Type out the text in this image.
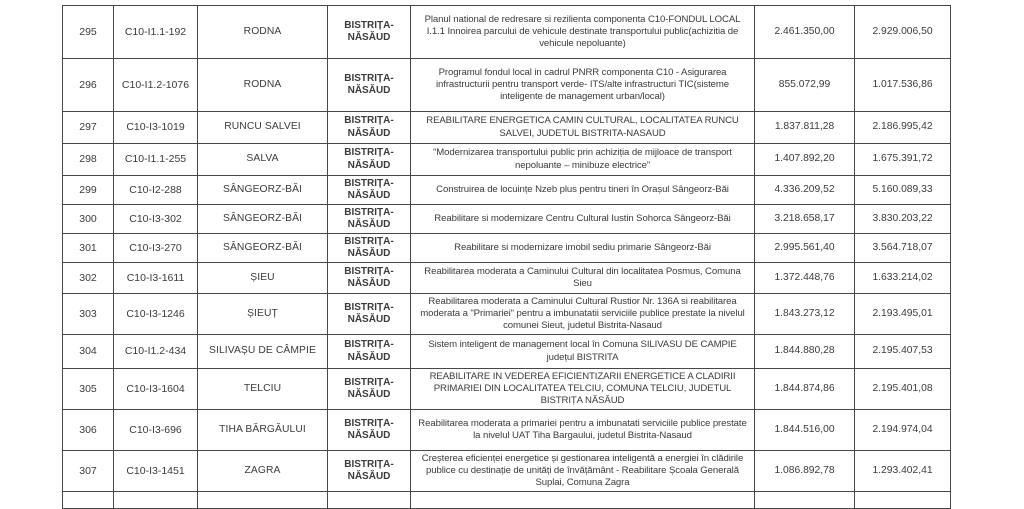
295	C10-I1.1-192	RODNA	BISTRIȚA-NĂSĂUD	Planul national de redresare si rezilienta componenta C10-FONDUL LOCAL I.1.1 Innoirea parcului de vehicule destinate transportului public(achizitia de vehicule nepoluante)	2.461.350,00	2.929.006,50
296	C10-I1.2-1076	RODNA	BISTRIȚA-NĂSĂUD	Programul fondul local in cadrul PNRR componenta C10 - Asigurarea infrastructurii pentru transport verde- ITS/alte infrastructuri TIC(sisteme inteligente de management urban/local)	855.072,99	1.017.536,86
297	C10-I3-1019	RUNCU SALVEI	BISTRIȚA-NĂSĂUD	REABILITARE ENERGETICA CAMIN CULTURAL, LOCALITATEA RUNCU SALVEI, JUDETUL BISTRITA-NASAUD	1.837.811,28	2.186.995,42
298	C10-I1.1-255	SALVA	BISTRIȚA-NĂSĂUD	“Modernizarea transportului public prin achiziția de mijloace de transport nepoluante – minibuze electrice”	1.407.892,20	1.675.391,72
299	C10-I2-288	SÂNGEORZ-BĂI	BISTRIȚA-NĂSĂUD	Construirea de locuințe Nzeb plus pentru tineri în Orașul Sângeorz-Băi	4.336.209,52	5.160.089,33
300	C10-I3-302	SÂNGEORZ-BĂI	BISTRIȚA-NĂSĂUD	Reabilitare si modernizare Centru Cultural Iustin Sohorca Sângeorz-Băi	3.218.658,17	3.830.203,22
301	C10-I3-270	SÂNGEORZ-BĂI	BISTRIȚA-NĂSĂUD	Reabilitare si modernizare imobil sediu primarie Sângeorz-Băi	2.995.561,40	3.564.718,07
302	C10-I3-1611	ȘIEU	BISTRIȚA-NĂSĂUD	Reabilitarea moderata a Caminului Cultural din localitatea Posmus, Comuna Sieu	1.372.448,76	1.633.214,02
303	C10-I3-1246	ȘIEUȚ	BISTRIȚA-NĂSĂUD	Reabilitarea moderata a Caminului Cultural Rustior Nr. 136A si reabilitarea moderata a "Primariei" pentru a imbunatatii serviciile publice prestate la nivelul comunei Sieut, judetul Bistrita-Nasaud	1.843.273,12	2.193.495,01
304	C10-I1.2-434	SILIVAȘU DE CÂMPIE	BISTRIȚA-NĂSĂUD	Sistem inteligent de management local în Comuna SILIVASU DE CAMPIE județul BISTRITA	1.844.880,28	2.195.407,53
305	C10-I3-1604	TELCIU	BISTRIȚA-NĂSĂUD	REABILITARE IN VEDEREA EFICIENTIZARII ENERGETICE A CLADIRII PRIMARIEI DIN LOCALITATEA TELCIU, COMUNA TELCIU, JUDETUL BISTRIȚA NĂSĂUD	1.844.874,86	2.195.401,08
306	C10-I3-696	TIHA BĂRGĂULUI	BISTRIȚA-NĂSĂUD	Reabilitarea moderata a primariei pentru a imbunatati serviciile publice prestate la nivelul UAT Tiha Bargaului, judetul Bistrita-Nasaud	1.844.516,00	2.194.974,04
307	C10-I3-1451	ZAGRA	BISTRIȚA-NĂSĂUD	Creșterea eficienței energetice și gestionarea inteligentă a energiei în clădirile publice cu destinație de unități de învățământ - Reabilitare Școala Generală Suplai, Comuna Zagra	1.086.892,78	1.293.402,41
